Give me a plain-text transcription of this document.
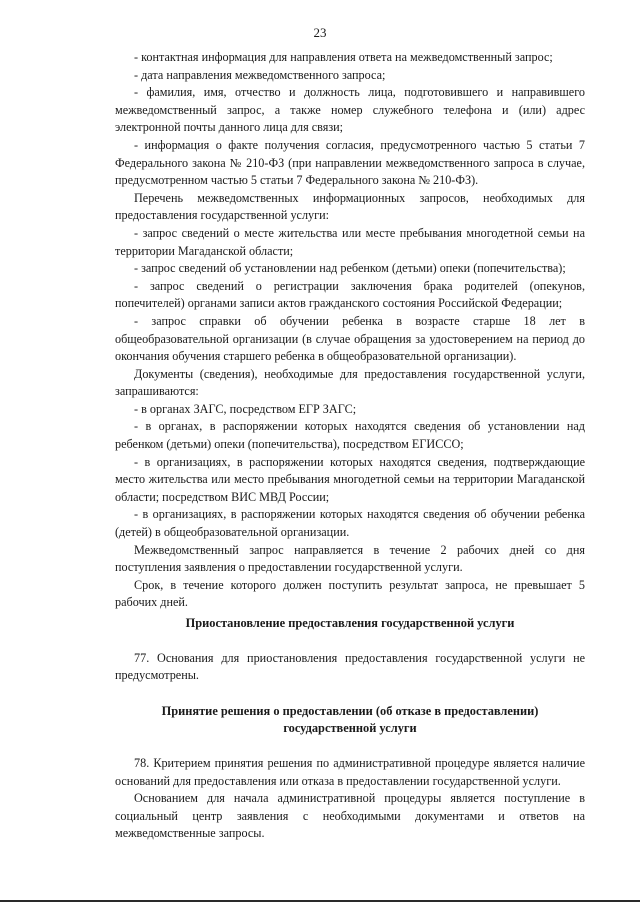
23

- контактная информация для направления ответа на межведомственный запрос;

- дата направления межведомственного запроса;

- фамилия, имя, отчество и должность лица, подготовившего и направившего межведомственный запрос, а также номер служебного телефона и (или) адрес электронной почты данного лица для связи;

- информация о факте получения согласия, предусмотренного частью 5 статьи 7 Федерального закона № 210-ФЗ (при направлении межведомственного запроса в случае, предусмотренном частью 5 статьи 7 Федерального закона № 210-ФЗ).

Перечень межведомственных информационных запросов, необходимых для предоставления государственной услуги:

- запрос сведений о месте жительства или месте пребывания многодетной семьи на территории Магаданской области;

- запрос сведений об установлении над ребенком (детьми) опеки (попечительства);

- запрос сведений о регистрации заключения брака родителей (опекунов, попечителей) органами записи актов гражданского состояния Российской Федерации;

- запрос справки об обучении ребенка в возрасте старше 18 лет в общеобразовательной организации (в случае обращения за удостоверением на период до окончания обучения старшего ребенка в общеобразовательной организации).

Документы (сведения), необходимые для предоставления государственной услуги, запрашиваются:

- в органах ЗАГС, посредством ЕГР ЗАГС;

- в органах, в распоряжении которых находятся сведения об установлении над ребенком (детьми) опеки (попечительства), посредством ЕГИССО;

- в организациях, в распоряжении которых находятся сведения, подтверждающие место жительства или место пребывания многодетной семьи на территории Магаданской области; посредством ВИС МВД России;

- в организациях, в распоряжении которых находятся сведения об обучении ребенка (детей) в общеобразовательной организации.

Межведомственный запрос направляется в течение 2 рабочих дней со дня поступления заявления о предоставлении государственной услуги.

Срок, в течение которого должен поступить результат запроса, не превышает 5 рабочих дней.

Приостановление предоставления государственной услуги

77. Основания для приостановления предоставления государственной услуги не предусмотрены.

Принятие решения о предоставлении (об отказе в предоставлении)
государственной услуги

78. Критерием принятия решения по административной процедуре является наличие оснований для предоставления или отказа в предоставлении государственной услуги.

Основанием для начала административной процедуры является поступление в социальный центр заявления с необходимыми документами и ответов на межведомственные запросы.
